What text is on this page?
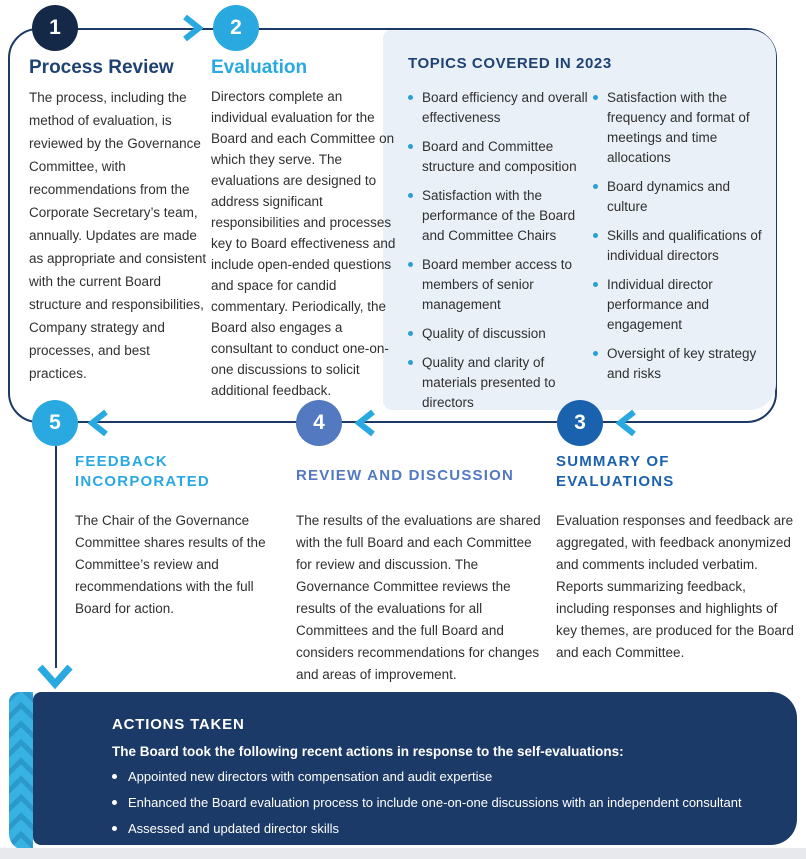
TOPICS COVERED IN 2023
Board efficiency and overall effectiveness
Board and Committee structure and composition
Satisfaction with the performance of the Board and Committee Chairs
Board member access to members of senior management
Quality of discussion
Quality and clarity of materials presented to directors
Satisfaction with the frequency and format of meetings and time allocations
Board dynamics and culture
Skills and qualifications of individual directors
Individual director performance and engagement
Oversight of key strategy and risks
1	2
3
4
5
Process Review Evaluation
SUMMARY OF EVALUATIONS
REVIEW AND DISCUSSION
FEEDBACK INCORPORATED

The process, including the method of evaluation, is reviewed by the Governance Committee, with recommendations from the Corporate Secretary’s team, annually. Updates are made as appropriate and consistent with the current Board structure and responsibilities, Company strategy and processes, and best practices.

Directors complete an individual evaluation for the Board and each Committee on which they serve. The evaluations are designed to address significant responsibilities and processes key to Board effectiveness and include open-ended questions and space for candid commentary. Periodically, the Board also engages a consultant to conduct one-on-one discussions to solicit additional feedback.

Evaluation responses and feedback are aggregated, with feedback anonymized and comments included verbatim. Reports summarizing feedback, including responses and highlights of key themes, are produced for the Board and each Committee.

The results of the evaluations are shared with the full Board and each Committee for review and discussion. The Governance Committee reviews the results of the evaluations for all Committees and the full Board and considers recommendations for changes and areas of improvement.

The Chair of the Governance Committee shares results of the Committee’s review and recommendations with the full Board for action.

ACTIONS TAKEN
The Board took the following recent actions in response to the self-evaluations:
Appointed new directors with compensation and audit expertise
Enhanced the Board evaluation process to include one-on-one discussions with an independent consultant
Assessed and updated director skills
